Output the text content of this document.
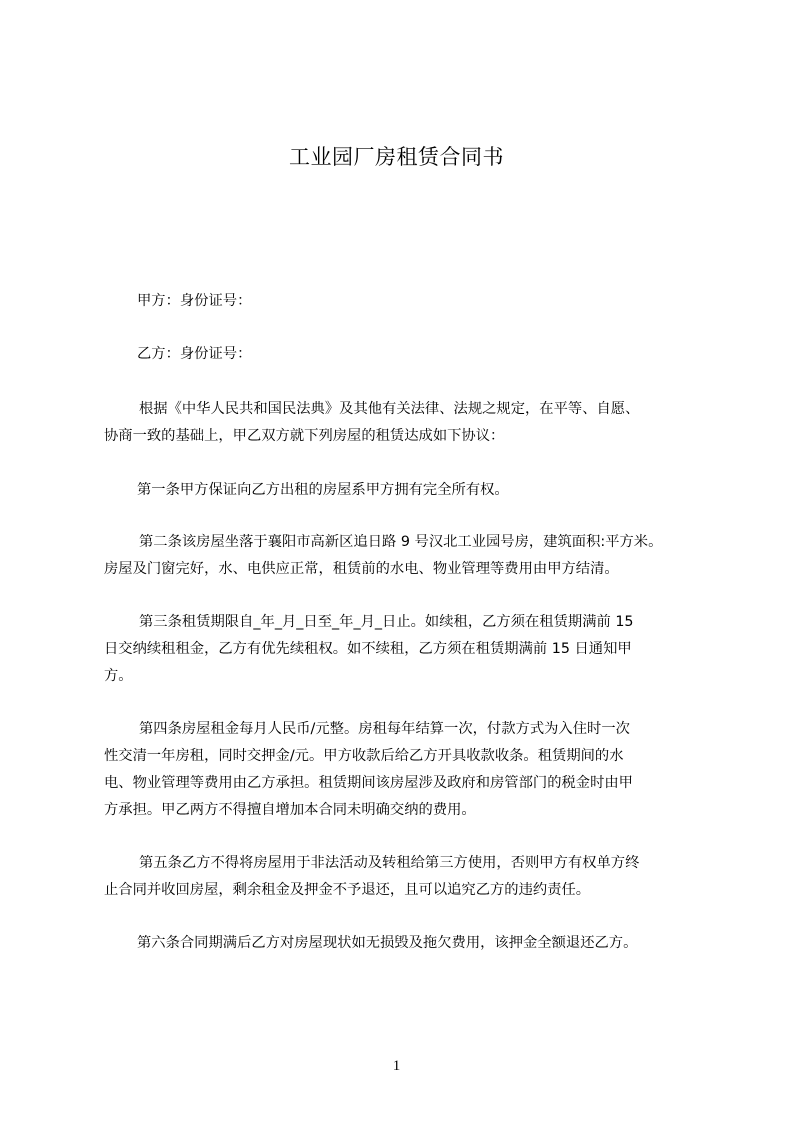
工业园厂房租赁合同书
甲方：身份证号：
乙方：身份证号：
根据《中华人民共和国民法典》及其他有关法律、法规之规定，在平等、自愿、
协商一致的基础上，甲乙双方就下列房屋的租赁达成如下协议：
第一条甲方保证向乙方出租的房屋系甲方拥有完全所有权。
第二条该房屋坐落于襄阳市高新区追日路 9 号汉北工业园号房，建筑面积:平方米。
房屋及门窗完好，水、电供应正常，租赁前的水电、物业管理等费用由甲方结清。
第三条租赁期限自_年_月_日至_年_月_日止。如续租，乙方须在租赁期满前 15
日交纳续租租金，乙方有优先续租权。如不续租，乙方须在租赁期满前 15 日通知甲
方。
第四条房屋租金每月人民币/元整。房租每年结算一次，付款方式为入住时一次
性交清一年房租，同时交押金/元。甲方收款后给乙方开具收款收条。租赁期间的水
电、物业管理等费用由乙方承担。租赁期间该房屋涉及政府和房管部门的税金时由甲
方承担。甲乙两方不得擅自增加本合同未明确交纳的费用。
第五条乙方不得将房屋用于非法活动及转租给第三方使用，否则甲方有权单方终
止合同并收回房屋，剩余租金及押金不予退还，且可以追究乙方的违约责任。
第六条合同期满后乙方对房屋现状如无损毁及拖欠费用，该押金全额退还乙方。
1
